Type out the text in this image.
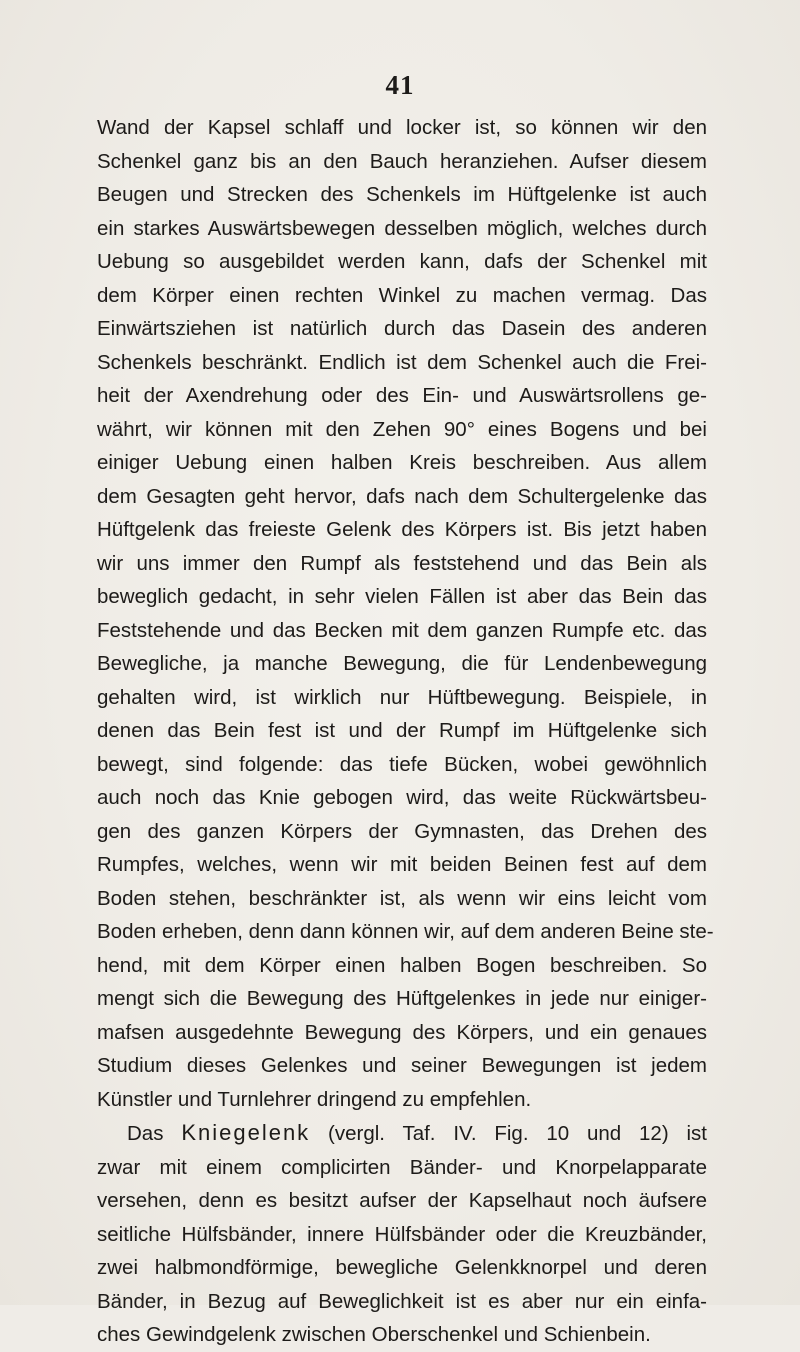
41
Wand der Kapsel schlaff und locker ist, so können wir den
Schenkel ganz bis an den Bauch heranziehen. Aufser diesem
Beugen und Strecken des Schenkels im Hüftgelenke ist auch
ein starkes Auswärtsbewegen desselben möglich, welches durch
Uebung so ausgebildet werden kann, dafs der Schenkel mit
dem Körper einen rechten Winkel zu machen vermag. Das
Einwärtsziehen ist natürlich durch das Dasein des anderen
Schenkels beschränkt. Endlich ist dem Schenkel auch die Frei-
heit der Axendrehung oder des Ein- und Auswärtsrollens ge-
währt, wir können mit den Zehen 90° eines Bogens und bei
einiger Uebung einen halben Kreis beschreiben. Aus allem
dem Gesagten geht hervor, dafs nach dem Schultergelenke das
Hüftgelenk das freieste Gelenk des Körpers ist. Bis jetzt haben
wir uns immer den Rumpf als feststehend und das Bein als
beweglich gedacht, in sehr vielen Fällen ist aber das Bein das
Feststehende und das Becken mit dem ganzen Rumpfe etc. das
Bewegliche, ja manche Bewegung, die für Lendenbewegung
gehalten wird, ist wirklich nur Hüftbewegung. Beispiele, in
denen das Bein fest ist und der Rumpf im Hüftgelenke sich
bewegt, sind folgende: das tiefe Bücken, wobei gewöhnlich
auch noch das Knie gebogen wird, das weite Rückwärtsbeu-
gen des ganzen Körpers der Gymnasten, das Drehen des
Rumpfes, welches, wenn wir mit beiden Beinen fest auf dem
Boden stehen, beschränkter ist, als wenn wir eins leicht vom
Boden erheben, denn dann können wir, auf dem anderen Beine ste-
hend, mit dem Körper einen halben Bogen beschreiben. So
mengt sich die Bewegung des Hüftgelenkes in jede nur einiger-
mafsen ausgedehnte Bewegung des Körpers, und ein genaues
Studium dieses Gelenkes und seiner Bewegungen ist jedem
Künstler und Turnlehrer dringend zu empfehlen.
Das Kniegelenk (vergl. Taf. IV. Fig. 10 und 12) ist
zwar mit einem complicirten Bänder- und Knorpelapparate
versehen, denn es besitzt aufser der Kapselhaut noch äufsere
seitliche Hülfsbänder, innere Hülfsbänder oder die Kreuzbänder,
zwei halbmondförmige, bewegliche Gelenkknorpel und deren
Bänder, in Bezug auf Beweglichkeit ist es aber nur ein einfa-
ches Gewindgelenk zwischen Oberschenkel und Schienbein.
